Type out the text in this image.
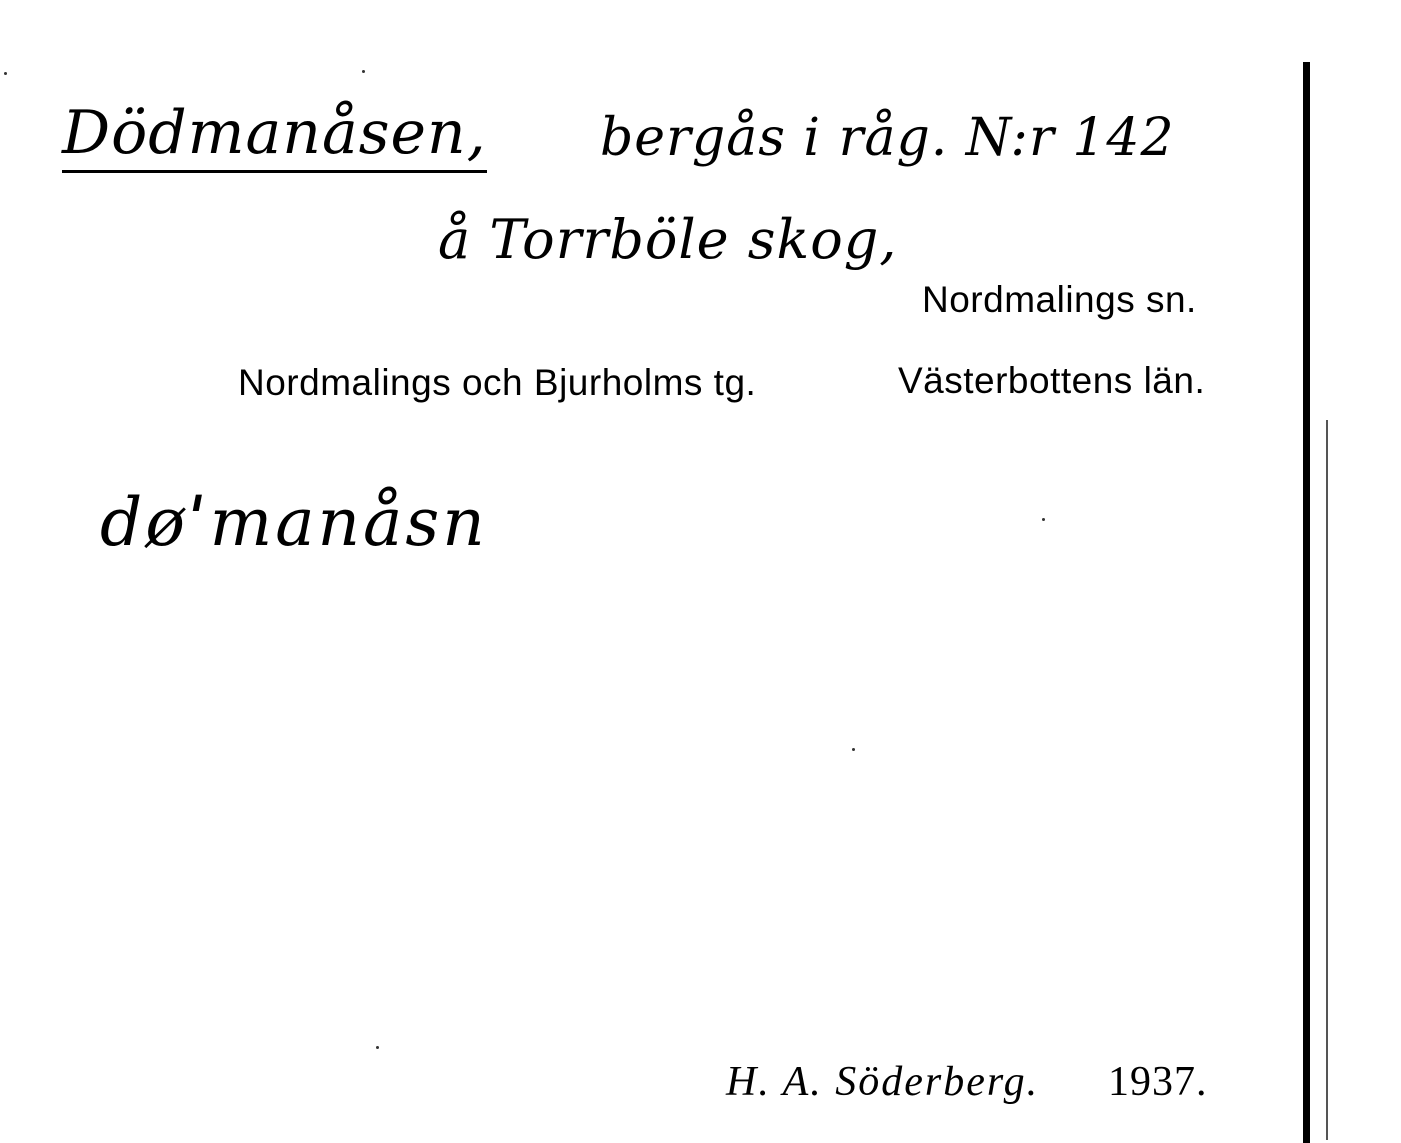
Dödmanåsen, bergås i råg. N:r 142
å Torrböle skog,
Nordmalings sn.
Nordmalings och Bjurholms tg.	Västerbottens län.
døˈmanåsn
H. A. Söderberg. 1937.
